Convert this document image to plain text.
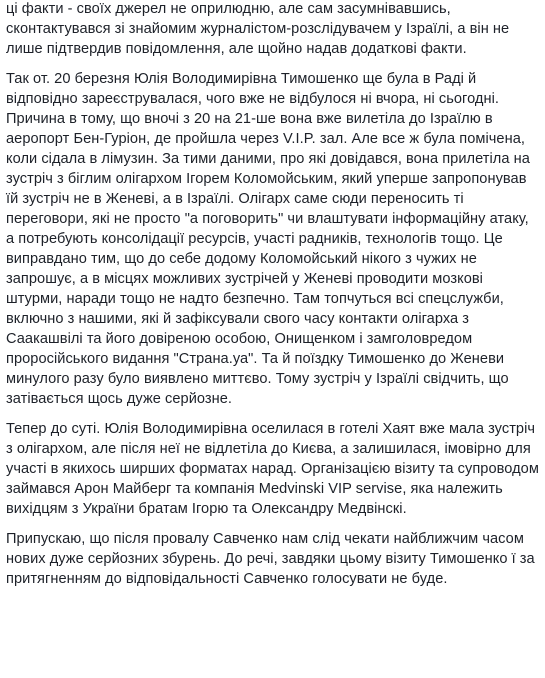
ці факти - своїх джерел не оприлюдню, але сам засумнівавшись, сконтактувався зі знайомим журналістом-розслідувачем у Ізраїлі, а він не лише підтвердив повідомлення, але щойно надав додаткові факти.

Так от. 20 березня Юлія Володимирівна Тимошенко ще була в Раді й відповідно зареєструвалася, чого вже не відбулося ні вчора, ні сьогодні. Причина в тому, що вночі з 20 на 21-ше вона вже вилетіла до Ізраїлю в аеропорт Бен-Гуріон, де пройшла через V.I.P. зал. Але все ж була помічена, коли сідала в лімузин. За тими даними, про які довідався, вона прилетіла на зустріч з біглим олігархом Ігорем Коломойським, який уперше запропонував їй зустріч не в Женеві, а в Ізраїлі. Олігарх саме сюди переносить ті переговори, які не просто "а поговорить" чи влаштувати інформаційну атаку, а потребують консолідації ресурсів, участі радників, технологів тощо. Це виправдано тим, що до себе додому Коломойський нікого з чужих не запрошує, а в місцях можливих зустрічей у Женеві проводити мозкові штурми, наради тощо не надто безпечно. Там топчуться всі спецслужби, включно з нашими, які й зафіксували свого часу контакти олігарха з Саакашвілі та його довіреною особою, Онищенком і замголовредом проросійського видання "Страна.уа". Та й поїздку Тимошенко до Женеви минулого разу було виявлено миттєво. Тому зустріч у Ізраїлі свідчить, що затівається щось дуже серйозне.

Тепер до суті. Юлія Володимирівна оселилася в готелі Хаят вже мала зустріч з олігархом, але після неї не відлетіла до Києва, а залишилася, імовірно для участі в якихось ширших форматах нарад. Організацією візиту та супроводом займався Арон Майберг та компанія Medvinski VIP servise, яка належить вихідцям з України братам Ігорю та Олександру Медвінскі.

Припускаю, що після провалу Савченко нам слід чекати найближчим часом нових дуже серйозних збурень. До речі, завдяки цьому візиту Тимошенко ї за притягненням до відповідальності Савченко голосувати не буде.
